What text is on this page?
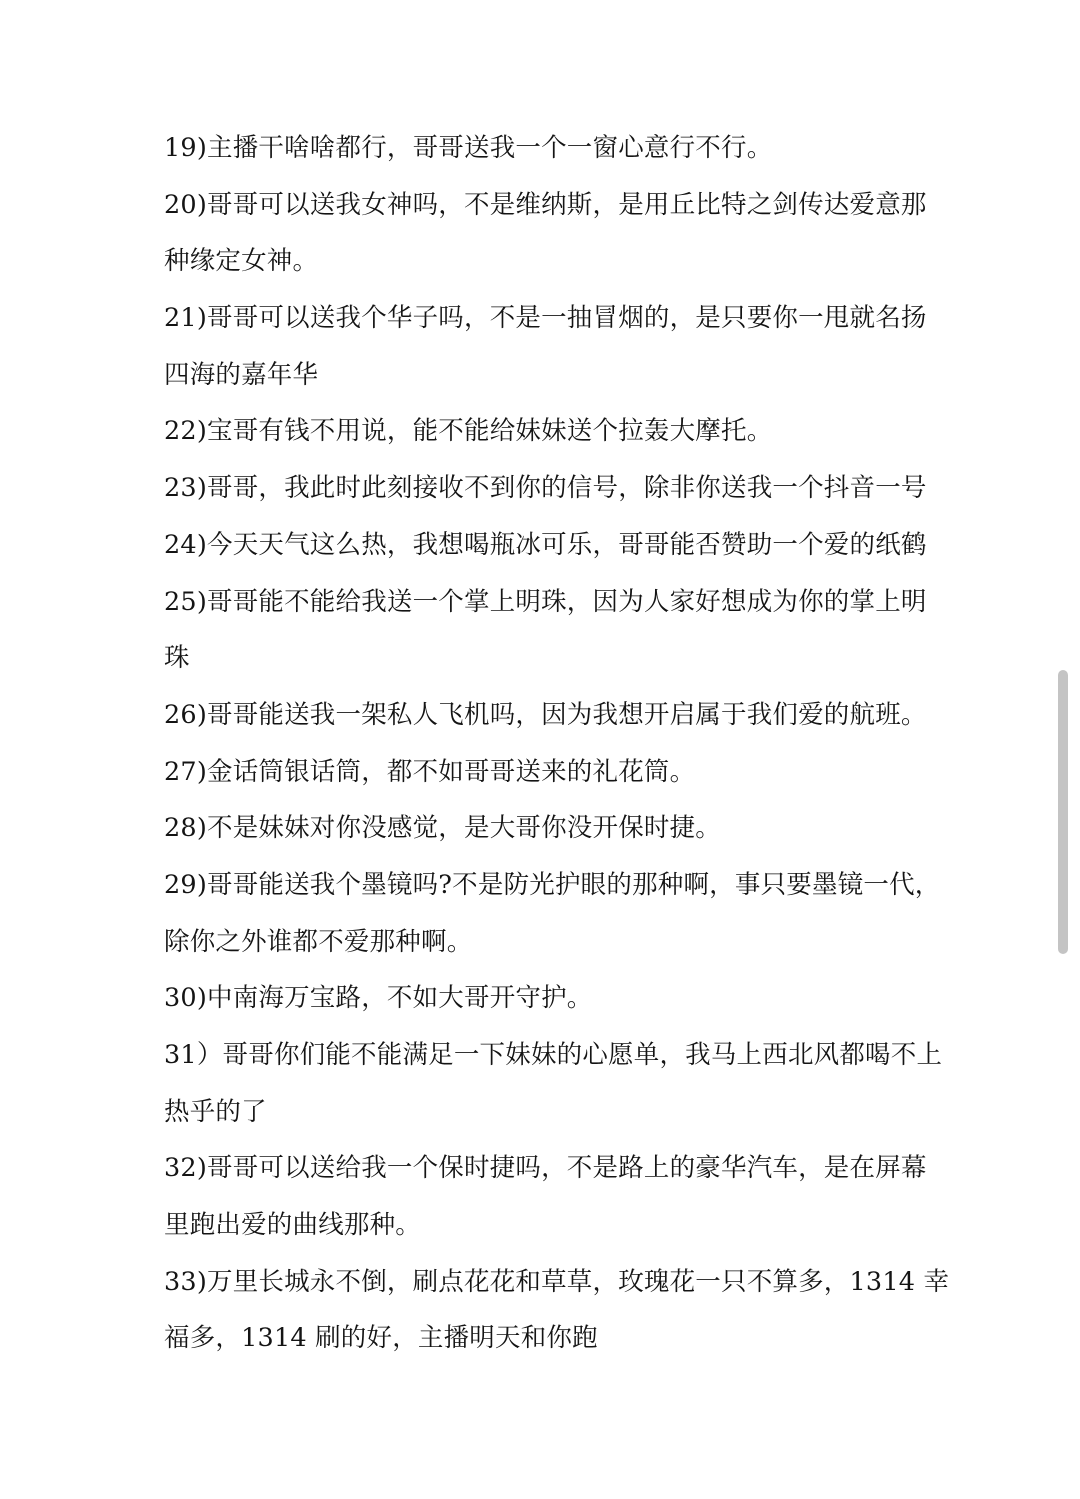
19)主播干啥啥都行，哥哥送我一个一窗心意行不行。
20)哥哥可以送我女神吗，不是维纳斯，是用丘比特之剑传达爱意那
种缘定女神。
21)哥哥可以送我个华子吗，不是一抽冒烟的，是只要你一甩就名扬
四海的嘉年华
22)宝哥有钱不用说，能不能给妹妹送个拉轰大摩托。
23)哥哥，我此时此刻接收不到你的信号，除非你送我一个抖音一号
24)今天天气这么热，我想喝瓶冰可乐，哥哥能否赞助一个爱的纸鹤
25)哥哥能不能给我送一个掌上明珠，因为人家好想成为你的掌上明
珠
26)哥哥能送我一架私人飞机吗，因为我想开启属于我们爱的航班。
27)金话筒银话筒，都不如哥哥送来的礼花筒。
28)不是妹妹对你没感觉，是大哥你没开保时捷。
29)哥哥能送我个墨镜吗?不是防光护眼的那种啊，事只要墨镜一代，
除你之外谁都不爱那种啊。
30)中南海万宝路，不如大哥开守护。
31）哥哥你们能不能满足一下妹妹的心愿单，我马上西北风都喝不上
热乎的了
32)哥哥可以送给我一个保时捷吗，不是路上的豪华汽车，是在屏幕
里跑出爱的曲线那种。
33)万里长城永不倒，刷点花花和草草，玫瑰花一只不算多，1314 幸
福多，1314 刷的好，主播明天和你跑
